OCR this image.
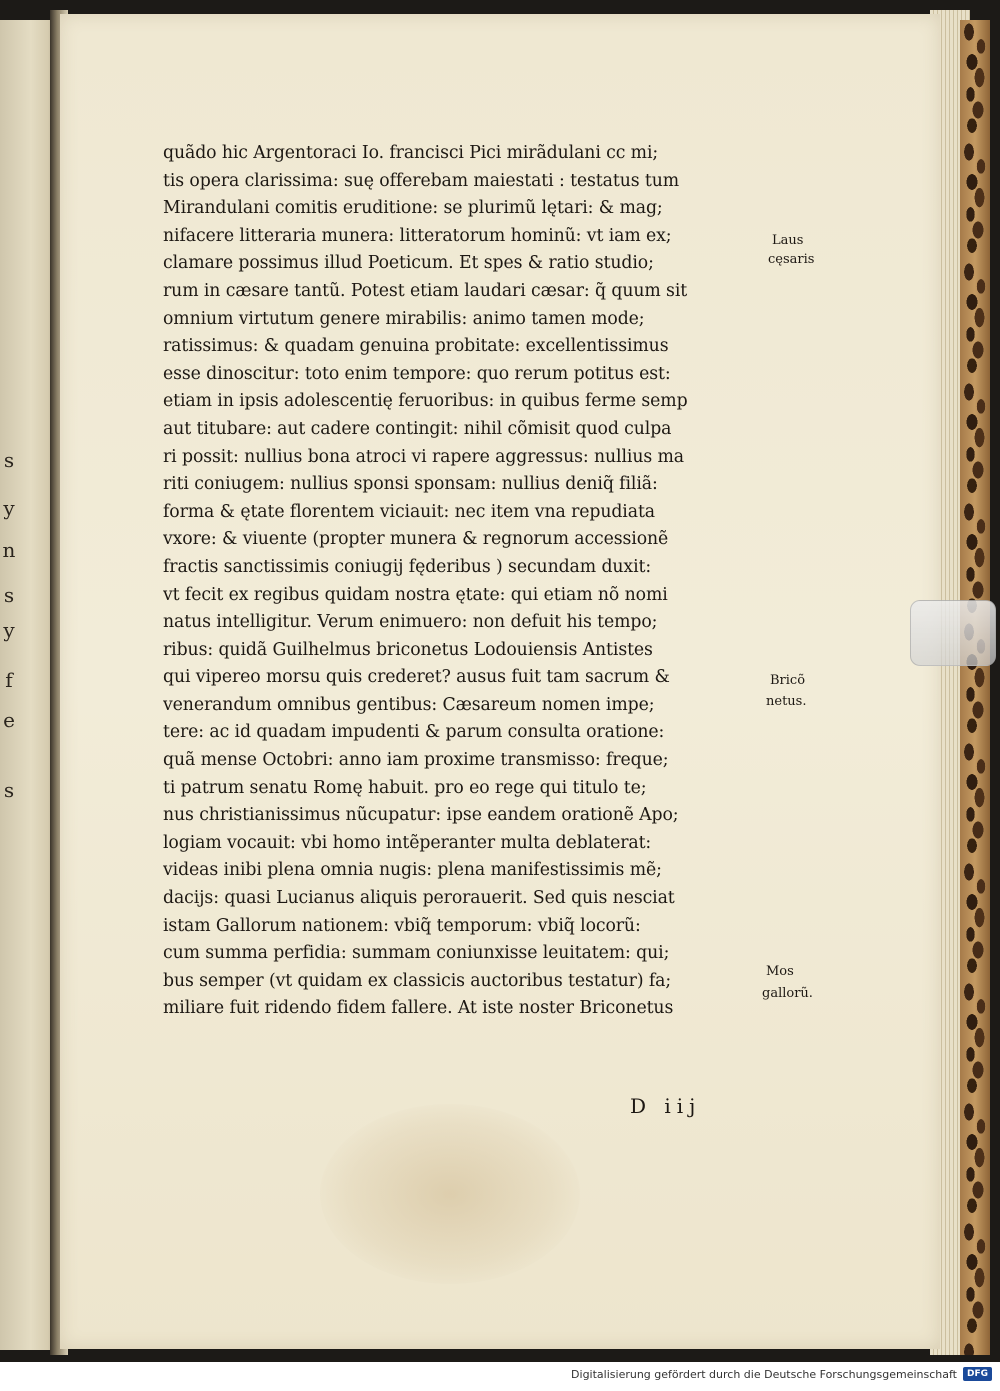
s
y
n
s
y
f
e
s
quãdo hic Argentoraci Io. francisci Pici mirãdulani cc mi;
tis opera clarissima: suę offerebam maiestati : testatus tum
Mirandulani comitis eruditione: se plurimũ lętari: & mag;
nifacere litteraria munera: litteratorum hominũ: vt iam ex;
clamare possimus illud Poeticum. Et spes & ratio studio;
rum in cæsare tantũ. Potest etiam laudari cæsar: q̃ quum sit
omnium virtutum genere mirabilis: animo tamen mode;
ratissimus: & quadam genuina probitate: excellentissimus
esse dinoscitur: toto enim tempore: quo rerum potitus est:
etiam in ipsis adolescentię feruoribus: in quibus ferme semp
aut titubare: aut cadere contingit: nihil cõmisit quod culpa
ri possit: nullius bona atroci vi rapere aggressus: nullius ma
riti coniugem: nullius sponsi sponsam: nullius deniq̃ filiã:
forma & ętate florentem viciauit: nec item vna repudiata
vxore: & viuente (propter munera & regnorum accessionẽ
fractis sanctissimis coniugij fęderibus ) secundam duxit:
vt fecit ex regibus quidam nostra ętate: qui etiam nõ nomi
natus intelligitur. Verum enimuero: non defuit his tempo;
ribus: quidã Guilhelmus briconetus Lodouiensis Antistes
qui vipereo morsu quis crederet? ausus fuit tam sacrum &
venerandum omnibus gentibus: Cæsareum nomen impe;
tere: ac id quadam impudenti & parum consulta oratione:
quã mense Octobri: anno iam proxime transmisso: freque;
ti patrum senatu Romę habuit. pro eo rege qui titulo te;
nus christianissimus nũcupatur: ipse eandem orationẽ Apo;
logiam vocauit: vbi homo intẽperanter multa deblaterat:
videas inibi plena omnia nugis: plena manifestissimis mẽ;
dacijs: quasi Lucianus aliquis perorauerit. Sed quis nesciat
istam Gallorum nationem: vbiq̃ temporum: vbiq̃ locorũ:
cum summa perfidia: summam coniunxisse leuitatem: qui;
bus semper (vt quidam ex classicis auctoribus testatur) fa;
miliare fuit ridendo fidem fallere. At iste noster Briconetus
Laus
cęsaris
Bricõ
netus.
Mos
gallorũ.
D iij
Digitalisierung gefördert durch die Deutsche Forschungsgemeinschaft	DFG
